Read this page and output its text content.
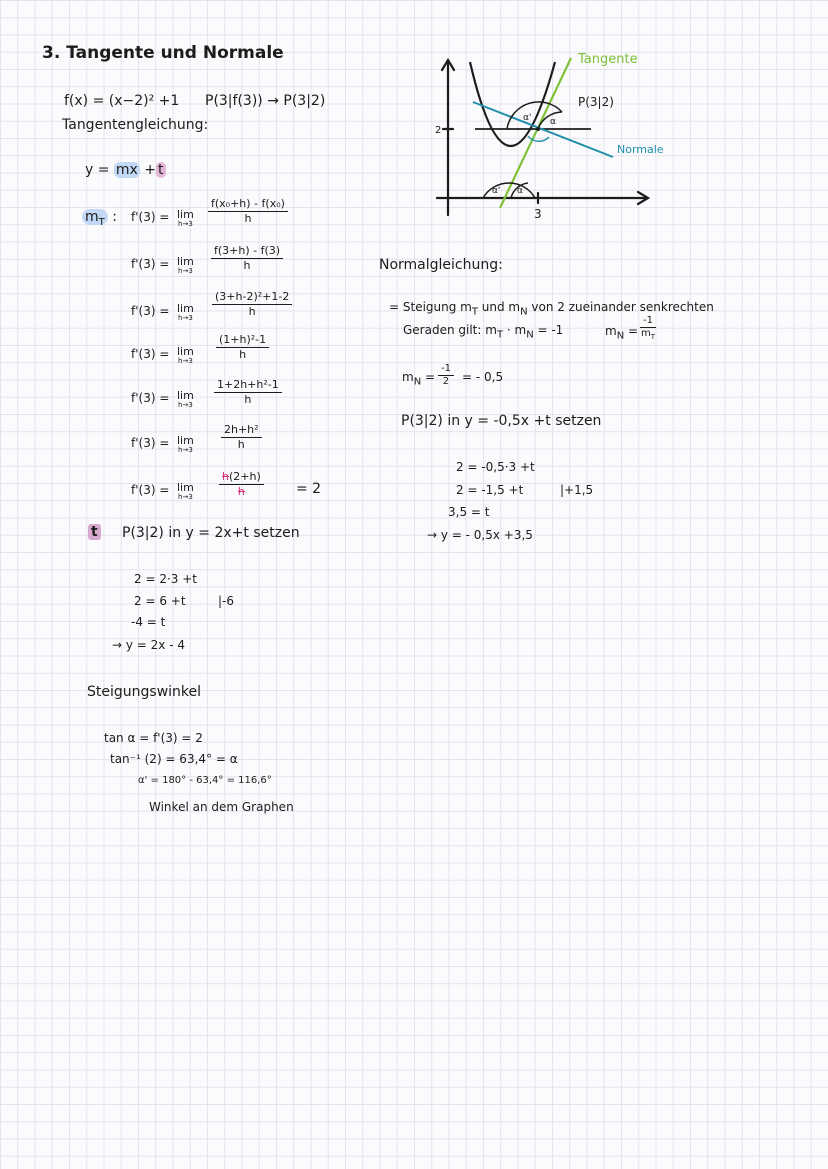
3. Tangente und Normale
f(x) = (x−2)² +1 P(3|f(3)) → P(3|2)
Tangentengleichung:
y = mx + t
$m_T$ : f'(3) = lim
$h\to 3 \frac{\text{f(x₀+h) - f(x₀)}}{h}$
f'(3) = lim
$h\to 3 \frac{f(3+h) - f(3)}{h}$
f'(3) = lim
$h\to 3 \frac{\text{(3+h-2)²+1-2}}{h}$
f'(3) = lim
$h\to 3 \frac{\text{(1+h)²-1}}{h}$
f'(3) = lim
$h\to 3 \frac{\text{1+2h+h²-1}}{h}$
f'(3) = lim
h→3	$\frac{\text{2h+h²}}{h}$
f'(3) = lim
$h\to 3 \frac{h(2+h)}{h} = 2$
t P(3|2) in y = 2x+t setzen
2 = 2·3 +t
2 = 6 +t	|-6
-4 = t
→ y = 2x - 4
Steigungswinkel
tan α = f'(3) = 2
tan⁻¹ (2) = 63,4° = α
α' = 180° - 63,4° = 116,6°
Winkel an dem Graphen
Normalgleichung:
= Steigung $m_T$ und $m_N$ von 2 zueinander senkrechten
Geraden gilt: $m_T \cdot m_N = -1$	$m_N = \frac{-1}{m_T}$
$m_N = \frac{-1}{2}$ = - 0,5
P(3|2) in y = -0,5x +t setzen
2 = -0,5·3 +t
2 = -1,5 +t	|+1,5
3,5 = t
→ y = - 0,5x +3,5
2
3
α' α
α' α
Tangente
Normale
P(3|2)
